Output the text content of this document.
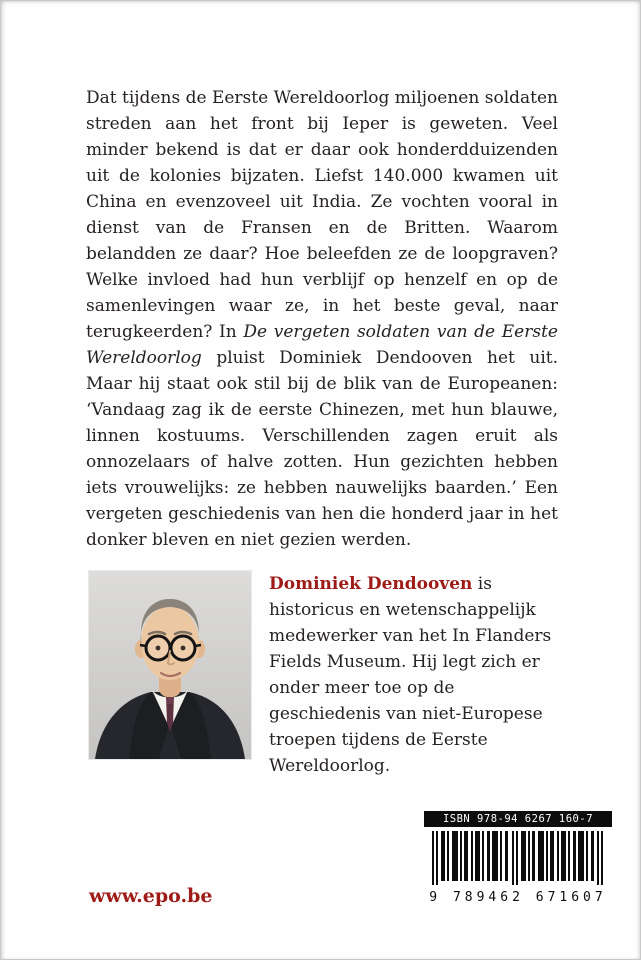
Dat tijdens de Eerste Wereldoorlog miljoenen soldaten streden aan het front bij Ieper is geweten. Veel minder bekend is dat er daar ook honderdduizenden uit de kolonies bijzaten. Liefst 140.000 kwamen uit China en evenzoveel uit India. Ze vochten vooral in dienst van de Fransen en de Britten. Waarom belandden ze daar? Hoe beleefden ze de loopgraven? Welke invloed had hun verblijf op henzelf en op de samenlevingen waar ze, in het beste geval, naar terugkeerden? In De vergeten soldaten van de Eerste Wereldoorlog pluist Dominiek Dendooven het uit. Maar hij staat ook stil bij de blik van de Europeanen: ‘Vandaag zag ik de eerste Chinezen, met hun blauwe, linnen kostuums. Verschillenden zagen eruit als onnozelaars of halve zotten. Hun gezichten hebben iets vrouwelijks: ze hebben nauwelijks baarden.’ Een vergeten geschiedenis van hen die honderd jaar in het donker bleven en niet gezien werden.

Dominiek Dendooven is historicus en wetenschappelijk medewerker van het In Flanders Fields Museum. Hij legt zich er onder meer toe op de geschiedenis van niet-Europese troepen tijdens de Eerste Wereldoorlog.

ISBN 978-94 6267 160-7
9 789462 671607
www.epo.be
